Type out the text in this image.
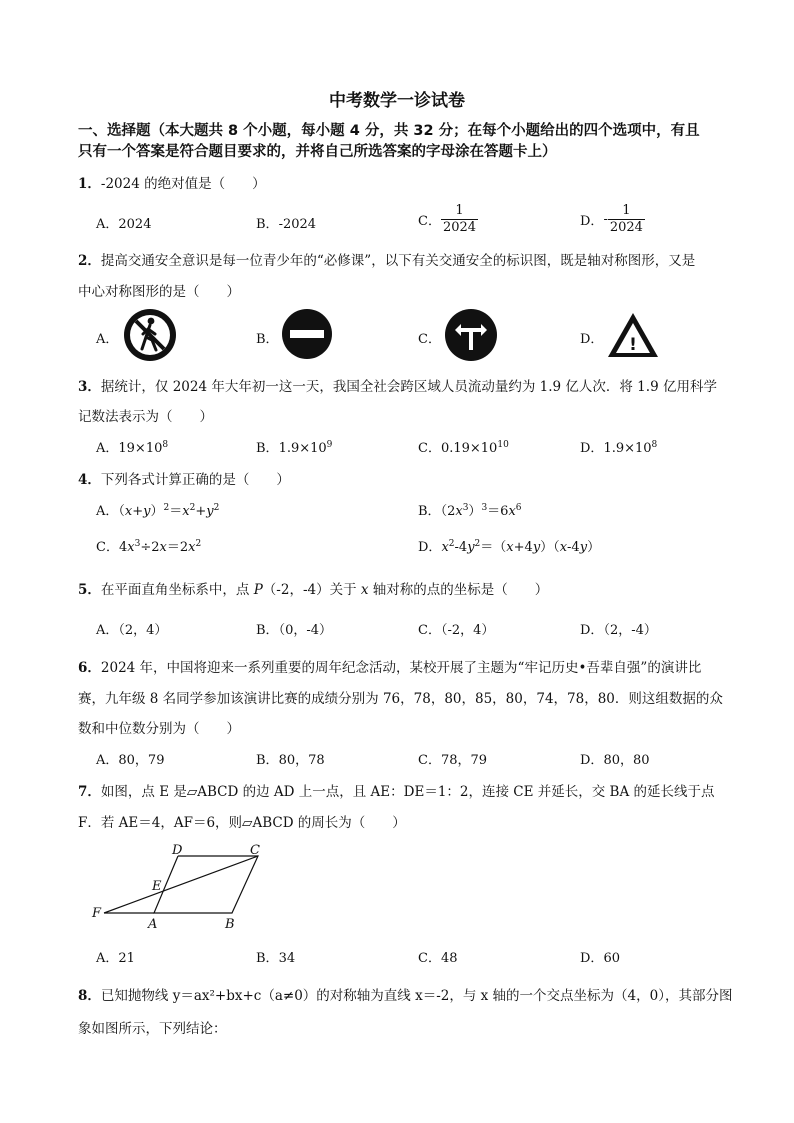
中考数学一诊试卷
一、选择题（本大题共 8 个小题，每小题 4 分，共 32 分；在每个小题给出的四个选项中，有且
只有一个答案是符合题目要求的，并将自己所选答案的字母涂在答题卡上）
1．-2024 的绝对值是（　　）
A．2024	B．-2024	C． $\frac{1}{2024}$	D．- $\frac{1}{2024}$
2．提高交通安全意识是每一位青少年的“必修课”，以下有关交通安全的标识图，既是轴对称图形，又是
中心对称图形的是（　　）
A．	B．	C．	D． !
3．据统计，仅 2024 年大年初一这一天，我国全社会跨区域人员流动量约为 1.9 亿人次．将 1.9 亿用科学
记数法表示为（　　）
A．$19\times 10^8$	B．$1.9\times 10^9$	C．$0.19\times 10^{10}$	D．$1.9\times 10^8$
4．下列各式计算正确的是（　　）
A．$(x+y)^2=x^2+y^2$	B．$(2x^3)^3=6x^6$
C．$4x^3\div 2x=2x^2$	D．$x^2-4y^2=(x+4y)(x-4y)$
5．在平面直角坐标系中，点 P（-2，-4）关于 x 轴对称的点的坐标是（　　）
A．（2，4）	B．（0，-4）	C．（-2，4）	D．（2，-4）
6．2024 年，中国将迎来一系列重要的周年纪念活动，某校开展了主题为“牢记历史•吾辈自强”的演讲比
赛，九年级 8 名同学参加该演讲比赛的成绩分别为 76，78，80，85，80，74，78，80．则这组数据的众
数和中位数分别为（　　）
A．80，79	B．80，78	C．78，79	D．80，80
7．如图，点 E 是▱ABCD 的边 AD 上一点，且 AE：DE＝1：2，连接 CE 并延长，交 BA 的延长线于点
F．若 AE＝4，AF＝6，则▱ABCD 的周长为（　　）
D	C
E
F
A	B
A．21	B．34	C．48	D．60
8．已知抛物线 y＝ax²+bx+c（a≠0）的对称轴为直线 x＝-2，与 x 轴的一个交点坐标为（4，0），其部分图
象如图所示，下列结论：
